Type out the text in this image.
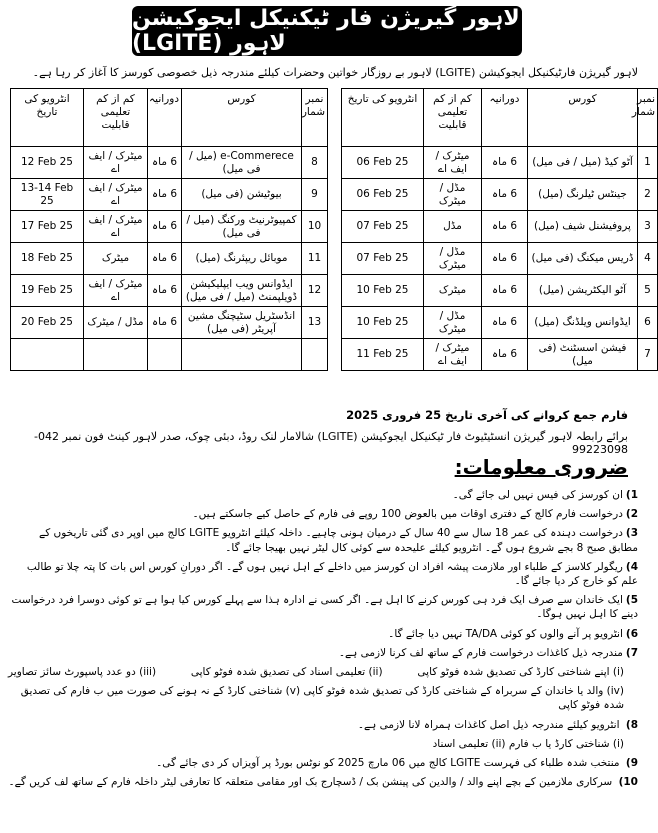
لاہور گیریژن فار ٹیکنیکل ایجوکیشن (LGITE) لاہور
لاہور گیریژن فارٹیکنیکل ایجوکیشن (LGITE) لاہور بے روزگار خواتین وحضرات کیلئے مندرجہ ذیل خصوصی کورسز کا آغاز کر رہا ہے۔
نمبر شمار	کورس	دورانیہ	کم از کم تعلیمی قابلیت	انٹرویو کی تاریخ		نمبر شمار	کورس	دورانیہ	کم از کم تعلیمی قابلیت	انٹرویو کی تاریخ
1	آٹو کیڈ (میل / فی میل)	6 ماہ	میٹرک / ایف اے	06 Feb 25		8	e-Commerece (میل / فی میل)	6 ماہ	میٹرک / ایف اے	12 Feb 25
2	جینٹس ٹیلرنگ (میل)	6 ماہ	مڈل / میٹرک	06 Feb 25		9	بیوٹیشن (فی میل)	6 ماہ	میٹرک / ایف اے	13-14 Feb 25
3	پروفیشنل شیف (میل)	6 ماہ	مڈل	07 Feb 25		10	کمپیوٹرنیٹ ورکنگ (میل / فی میل)	6 ماہ	میٹرک / ایف اے	17 Feb 25
4	ڈریس میکنگ (فی میل)	6 ماہ	مڈل / میٹرک	07 Feb 25		11	موبائل ریپئرنگ (میل)	6 ماہ	میٹرک	18 Feb 25
5	آٹو الیکٹریشن (میل)	6 ماہ	میٹرک	10 Feb 25		12	ایڈوانس ویب ایپلیکیشن ڈویلپمنٹ (میل / فی میل)	6 ماہ	میٹرک / ایف اے	19 Feb 25
6	ایڈوانس ویلڈنگ (میل)	6 ماہ	مڈل / میٹرک	10 Feb 25		13	انڈسٹریل سٹیچنگ مشین آپریٹر (فی میل)	6 ماہ	مڈل / میٹرک	20 Feb 25
7	فیشن اسسٹنٹ (فی میل)	6 ماہ	میٹرک / ایف اے	11 Feb 25						
فارم جمع کروانے کی آخری تاریخ 25 فروری 2025
برائے رابطہ لاہور گیریژن انسٹیٹیوٹ فار ٹیکنیکل ایجوکیشن (LGITE) شالامار لنک روڈ، دبئی چوک، صدر لاہور کینٹ فون نمبر 042-99223098
ضروری معلومات:
1)ان کورسز کی فیس نہیں لی جائے گی۔
2)درخواست فارم کالج کے دفتری اوقات میں بالعوض 100 روپے فی فارم کے حاصل کیے جاسکتے ہیں۔
3)درخواست دہندہ کی عمر 18 سال سے 40 سال کے درمیان ہونی چاہیے۔ داخلہ کیلئے انٹرویو LGITE کالج میں اوپر دی گئی تاریخوں کے مطابق صبح 8 بجے شروع ہوں گے۔ انٹرویو کیلئے علیحدہ سے کوئی کال لیٹر نہیں بھیجا جائے گا۔
4)ریگولر کلاسز کے طلباء اور ملازمت پیشہ افراد ان کورسز میں داخلے کے اہل نہیں ہوں گے۔ اگر دورانِ کورس اس بات کا پتہ چلا تو طالب علم کو خارج کر دیا جائے گا۔
5)ایک خاندان سے صرف ایک فرد ہی کورس کرنے کا اہل ہے۔ اگر کسی نے ادارہ ہذا سے پہلے کورس کیا ہوا ہے تو کوئی دوسرا فرد درخواست دینے کا اہل نہیں ہوگا۔
6)انٹرویو پر آنے والوں کو کوئی TA/DA نہیں دیا جائے گا۔
7)مندرجہ ذیل کاغذات درخواست فارم کے ساتھ لف کرنا لازمی ہے۔
(i) اپنے شناختی کارڈ کی تصدیق شدہ فوٹو کاپی
(ii) تعلیمی اسناد کی تصدیق شدہ فوٹو کاپی
(iii) دو عدد پاسپورٹ سائز تصاویر
(iv) والد یا خاندان کے سربراہ کے شناختی کارڈ کی تصدیق شدہ فوٹو کاپی (v) شناختی کارڈ کے نہ ہونے کی صورت میں ب فارم کی تصدیق شدہ فوٹو کاپی
8) انٹرویو کیلئے مندرجہ ذیل اصل کاغذات ہمراہ لانا لازمی ہے۔
(i) شناختی کارڈ یا ب فارم (ii) تعلیمی اسناد
9) منتخب شدہ طلباء کی فہرست LGITE کالج میں 06 مارچ 2025 کو نوٹس بورڈ پر آویزاں کر دی جائے گی۔
10) سرکاری ملازمین کے بچے اپنے والد / والدین کی پینشن بک / ڈسچارج بک اور مقامی متعلقہ کا تعارفی لیٹر داخلہ فارم کے ساتھ لف کریں گے۔
